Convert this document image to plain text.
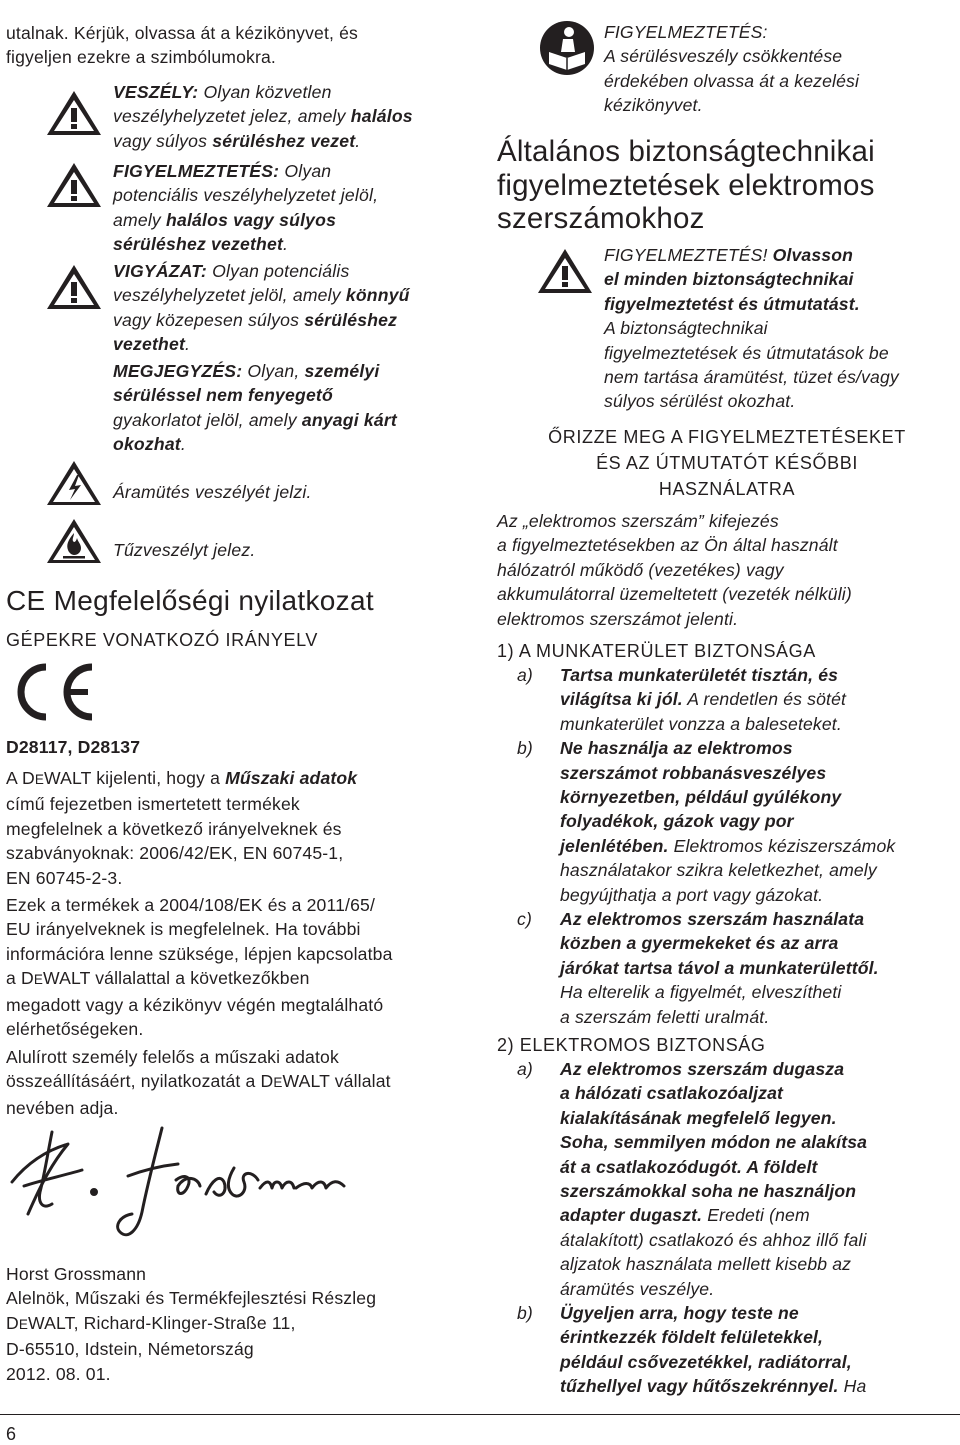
utalnak. Kérjük, olvassa át a kézikönyvet, és
figyeljen ezekre a szimbólumokra.
VESZÉLY: Olyan közvetlen
veszélyhelyzetet jelez, amely halálos
vagy súlyos sérüléshez vezet.
FIGYELMEZTETÉS: Olyan
potenciális veszélyhelyzetet jelöl,
amely halálos vagy súlyos
sérüléshez vezethet.
VIGYÁZAT: Olyan potenciális
veszélyhelyzetet jelöl, amely könnyű
vagy közepesen súlyos sérüléshez
vezethet.
MEGJEGYZÉS: Olyan, személyi
sérüléssel nem fenyegető
gyakorlatot jelöl, amely anyagi kárt
okozhat.
Áramütés veszélyét jelzi.
Tűzveszélyt jelez.
CE Megfelelőségi nyilatkozat
GÉPEKRE VONATKOZÓ IRÁNYELV
D28117, D28137
A DEWALT kijelenti, hogy a Műszaki adatok
című fejezetben ismertetett termékek
megfelelnek a következő irányelveknek és
szabványoknak: 2006/42/EK, EN 60745-1,
EN 60745-2-3.
Ezek a termékek a 2004/108/EK és a 2011/65/
EU irányelveknek is megfelelnek. Ha további
információra lenne szüksége, lépjen kapcsolatba
a DEWALT vállalattal a következőkben
megadott vagy a kézikönyv végén megtalálható
elérhetőségeken.
Alulírott személy felelős a műszaki adatok
összeállításáért, nyilatkozatát a DEWALT vállalat
nevében adja.
Horst Grossmann
Alelnök, Műszaki és Termékfejlesztési Részleg
DEWALT, Richard-Klinger-Straße 11,
D-65510, Idstein, Németország
2012. 08. 01.
6
FIGYELMEZTETÉS:
A sérülésveszély csökkentése
érdekében olvassa át a kezelési
kézikönyvet.
Általános biztonságtechnikai
figyelmeztetések elektromos
szerszámokhoz
FIGYELMEZTETÉS! Olvasson
el minden biztonságtechnikai
figyelmeztetést és útmutatást.
A biztonságtechnikai
figyelmeztetések és útmutatások be
nem tartása áramütést, tüzet és/vagy
súlyos sérülést okozhat.
ŐRIZZE MEG A FIGYELMEZTETÉSEKET
ÉS AZ ÚTMUTATÓT KÉSŐBBI
HASZNÁLATRA
Az „elektromos szerszám” kifejezés
a figyelmeztetésekben az Ön által használt
hálózatról működő (vezetékes) vagy
akkumulátorral üzemeltetett (vezeték nélküli)
elektromos szerszámot jelenti.
1) A MUNKATERÜLET BIZTONSÁGA
a) Tartsa munkaterületét tisztán, és
világítsa ki jól. A rendetlen és sötét
munkaterület vonzza a baleseteket.
b) Ne használja az elektromos
szerszámot robbanásveszélyes
környezetben, például gyúlékony
folyadékok, gázok vagy por
jelenlétében. Elektromos kéziszerszámok
használatakor szikra keletkezhet, amely
begyújthatja a port vagy gázokat.
c) Az elektromos szerszám használata
közben a gyermekeket és az arra
járókat tartsa távol a munkaterülettől.
Ha elterelik a figyelmét, elveszítheti
a szerszám feletti uralmát.
2) ELEKTROMOS BIZTONSÁG
a) Az elektromos szerszám dugasza
a hálózati csatlakozóaljzat
kialakításának megfelelő legyen.
Soha, semmilyen módon ne alakítsa
át a csatlakozódugót. A földelt
szerszámokkal soha ne használjon
adapter dugaszt. Eredeti (nem
átalakított) csatlakozó és ahhoz illő fali
aljzatok használata mellett kisebb az
áramütés veszélye.
b) Ügyeljen arra, hogy teste ne
érintkezzék földelt felületekkel,
például csővezetékkel, radiátorral,
tűzhellyel vagy hűtőszekrénnyel. Ha
